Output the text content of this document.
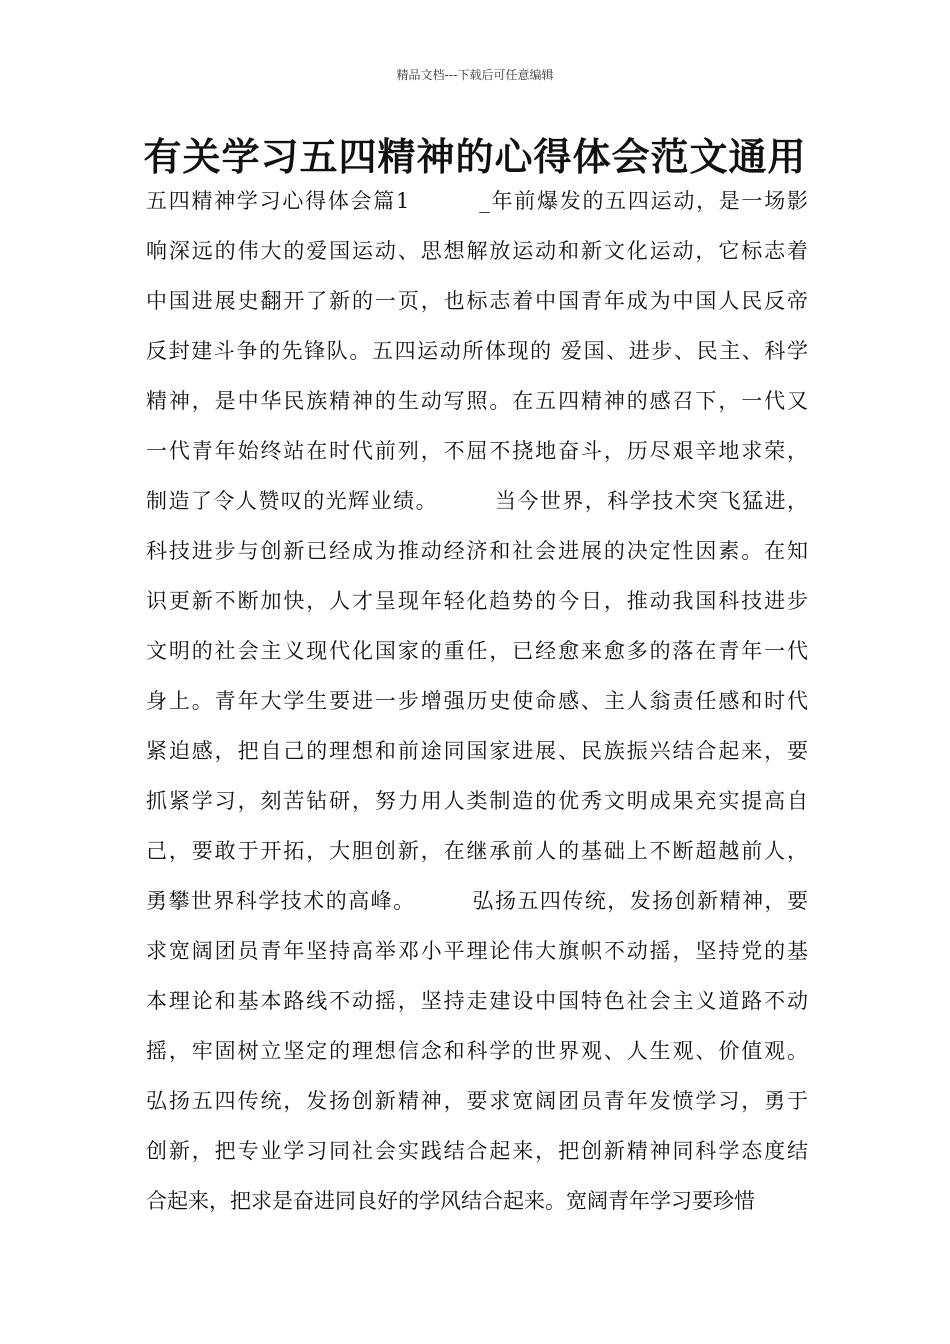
精品文档---下载后可任意编辑
有关学习五四精神的心得体会范文通用
五四精神学习心得体会篇1　　　_年前爆发的五四运动，是一场影
响深远的伟大的爱国运动、思想解放运动和新文化运动，它标志着
中国进展史翻开了新的一页，也标志着中国青年成为中国人民反帝
反封建斗争的先锋队。五四运动所体现的 爱国、进步、民主、科学
精神，是中华民族精神的生动写照。在五四精神的感召下，一代又
一代青年始终站在时代前列，不屈不挠地奋斗，历尽艰辛地求荣，
制造了令人赞叹的光辉业绩。　　　当今世界，科学技术突飞猛进，
科技进步与创新已经成为推动经济和社会进展的决定性因素。在知
识更新不断加快，人才呈现年轻化趋势的今日，推动我国科技进步
文明的社会主义现代化国家的重任，已经愈来愈多的落在青年一代
身上。青年大学生要进一步增强历史使命感、主人翁责任感和时代
紧迫感，把自己的理想和前途同国家进展、民族振兴结合起来，要
抓紧学习，刻苦钻研，努力用人类制造的优秀文明成果充实提高自
己，要敢于开拓，大胆创新，在继承前人的基础上不断超越前人，
勇攀世界科学技术的高峰。　　　弘扬五四传统，发扬创新精神，要
求宽阔团员青年坚持高举邓小平理论伟大旗帜不动摇，坚持党的基
本理论和基本路线不动摇，坚持走建设中国特色社会主义道路不动
摇，牢固树立坚定的理想信念和科学的世界观、人生观、价值观。
弘扬五四传统，发扬创新精神，要求宽阔团员青年发愤学习，勇于
创新，把专业学习同社会实践结合起来，把创新精神同科学态度结
合起来，把求是奋进同良好的学风结合起来。宽阔青年学习要珍惜
